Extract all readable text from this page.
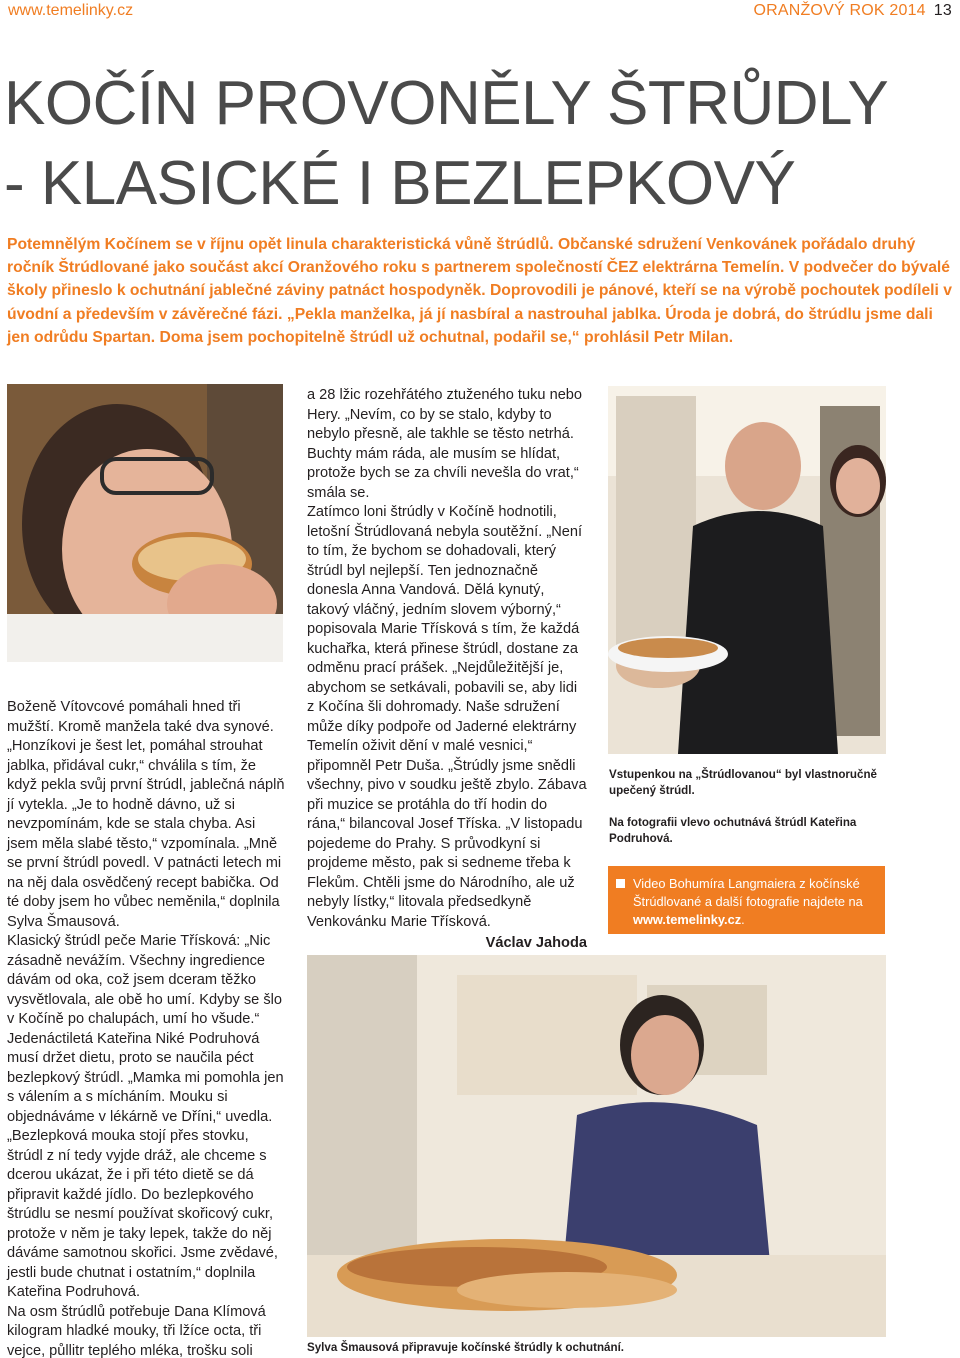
www.temelinky.cz	ORANŽOVÝ ROK 2014 13
KOČÍN PROVONĚLY ŠTRŮDLY
- KLASICKÉ I BEZLEPKOVÝ

Potemnělým Kočínem se v říjnu opět linula charakteristická vůně štrúdlů. Občanské sdružení Venkovánek pořádalo druhý ročník Štrúdlované jako součást akcí Oranžového roku s partnerem společností ČEZ elektrárna Temelín. V podvečer do bývalé školy přineslo k ochutnání jablečné záviny patnáct hospodyněk. Doprovodili je pánové, kteří se na výrobě pochoutek podíleli v úvodní a především v závěrečné fázi. „Pekla manželka, já jí nasbíral a nastrouhal jablka. Úroda je dobrá, do štrúdlu jsme dali jen odrůdu Spartan. Doma jsem pochopitelně štrúdl už ochutnal, podařil se,“ prohlásil Petr Milan.

Boženě Vítovcové pomáhali hned tři mužští. Kromě manžela také dva synové. „Honzíkovi je šest let, pomáhal strouhat jablka, přidával cukr,“ chválila s tím, že když pekla svůj první štrúdl, jablečná náplň jí vytekla. „Je to hodně dávno, už si nevzpomínám, kde se stala chyba. Asi jsem měla slabé těsto,“ vzpomínala. „Mně se první štrúdl povedl. V patnácti letech mi na něj dala osvědčený recept babička. Od té doby jsem ho vůbec neměnila,“ doplnila Sylva Šmausová.

Klasický štrúdl peče Marie Třísková: „Nic zásadně nevážím. Všechny ingredience dávám od oka, což jsem dceram těžko vysvětlovala, ale obě ho umí. Kdyby se šlo v Kočíně po chalupách, umí ho všude.“ Jedenáctiletá Kateřina Niké Podruhová musí držet dietu, proto se naučila péct bezlepkový štrúdl. „Mamka mi pomohla jen s válením a s mícháním. Mouku si objednáváme v lékárně ve Dříni,“ uvedla. „Bezlepková mouka stojí přes stovku, štrúdl z ní tedy vyjde dráž, ale chceme s dcerou ukázat, že i při této dietě se dá připravit každé jídlo. Do bezlepkového štrúdlu se nesmí používat skořicový cukr, protože v něm je taky lepek, takže do něj dáváme samotnou skořici. Jsme zvědavé, jestli bude chutnat i ostatním,“ doplnila Kateřina Podruhová.

Na osm štrúdlů potřebuje Dana Klímová kilogram hladké mouky, tři lžíce octa, tři vejce, půllitr teplého mléka, trošku soli

a 28 lžic rozehřátého ztuženého tuku nebo Hery. „Nevím, co by se stalo, kdyby to nebylo přesně, ale takhle se těsto netrhá. Buchty mám ráda, ale musím se hlídat, protože bych se za chvíli nevešla do vrat,“ smála se.

Zatímco loni štrúdly v Kočíně hodnotili, letošní Štrúdlovaná nebyla soutěžní. „Není to tím, že bychom se dohadovali, který štrúdl byl nejlepší. Ten jednoznačně donesla Anna Vandová. Dělá kynutý, takový vláčný, jedním slovem výborný,“ popisovala Marie Třísková s tím, že každá kuchařka, která přinese štrúdl, dostane za odměnu prací prášek. „Nejdůležitější je, abychom se setkávali, pobavili se, aby lidi z Kočína šli dohromady. Naše sdružení může díky podpoře od Jaderné elektrárny Temelín oživit dění v malé vesnici,“ připomněl Petr Duša. „Štrúdly jsme snědli všechny, pivo v soudku ještě zbylo. Zábava při muzice se protáhla do tří hodin do rána,“ bilancoval Josef Tříska. „V listopadu pojedeme do Prahy. S průvodkyní si projdeme město, pak si sedneme třeba k Flekům. Chtěli jsme do Národního, ale už nebyly lístky,“ litovala předsedkyně Venkovánku Marie Třísková.

Václav Jahoda

Vstupenkou na „Štrúdlovanou“ byl vlastnoručně upečený štrúdl.

Na fotografii vlevo ochutnává štrúdl Kateřina Podruhová.

Video Bohumíra Langmaiera z kočínské Štrúdlované a další fotografie najdete na www.temelinky.cz.

Sylva Šmausová připravuje kočínské štrúdly k ochutnání.
